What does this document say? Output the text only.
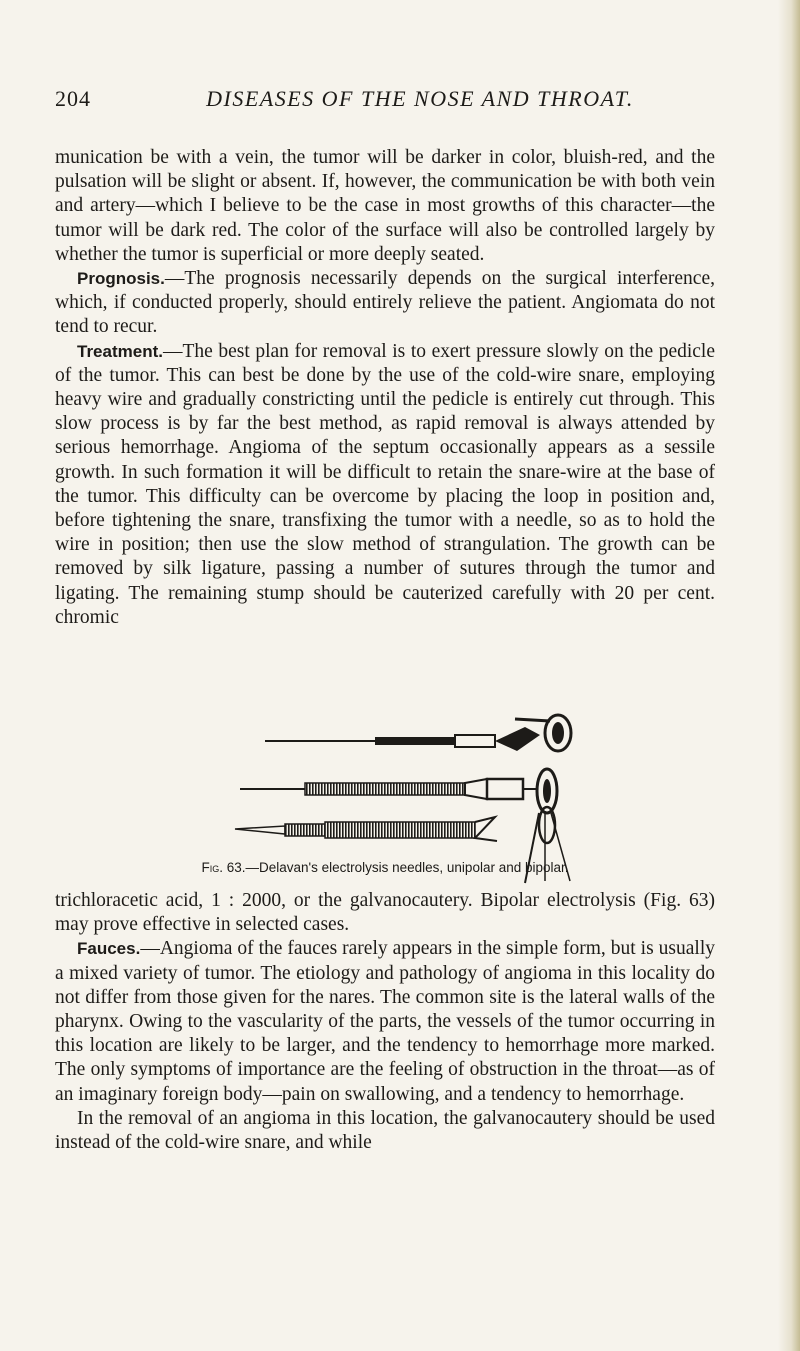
204	DISEASES OF THE NOSE AND THROAT.

munication be with a vein, the tumor will be darker in color, bluish-red, and the pulsation will be slight or absent. If, however, the communication be with both vein and artery—which I believe to be the case in most growths of this character—the tumor will be dark red. The color of the surface will also be controlled largely by whether the tumor is superficial or more deeply seated.

Prognosis.—The prognosis necessarily depends on the surgical interference, which, if conducted properly, should entirely relieve the patient. Angiomata do not tend to recur.

Treatment.—The best plan for removal is to exert pressure slowly on the pedicle of the tumor. This can best be done by the use of the cold-wire snare, employing heavy wire and gradually constricting until the pedicle is entirely cut through. This slow process is by far the best method, as rapid removal is always attended by serious hemorrhage. Angioma of the septum occasionally appears as a sessile growth. In such formation it will be difficult to retain the snare-wire at the base of the tumor. This difficulty can be overcome by placing the loop in position and, before tightening the snare, transfixing the tumor with a needle, so as to hold the wire in position; then use the slow method of strangulation. The growth can be removed by silk ligature, passing a number of sutures through the tumor and ligating. The remaining stump should be cauterized carefully with 20 per cent. chromic

Fig. 63.—Delavan's electrolysis needles, unipolar and bipolar.

trichloracetic acid, 1 : 2000, or the galvanocautery. Bipolar electrolysis (Fig. 63) may prove effective in selected cases.

Fauces.—Angioma of the fauces rarely appears in the simple form, but is usually a mixed variety of tumor. The etiology and pathology of angioma in this locality do not differ from those given for the nares. The common site is the lateral walls of the pharynx. Owing to the vascularity of the parts, the vessels of the tumor occurring in this location are likely to be larger, and the tendency to hemorrhage more marked. The only symptoms of importance are the feeling of obstruction in the throat—as of an imaginary foreign body—pain on swallowing, and a tendency to hemorrhage.

In the removal of an angioma in this location, the galvanocautery should be used instead of the cold-wire snare, and while
